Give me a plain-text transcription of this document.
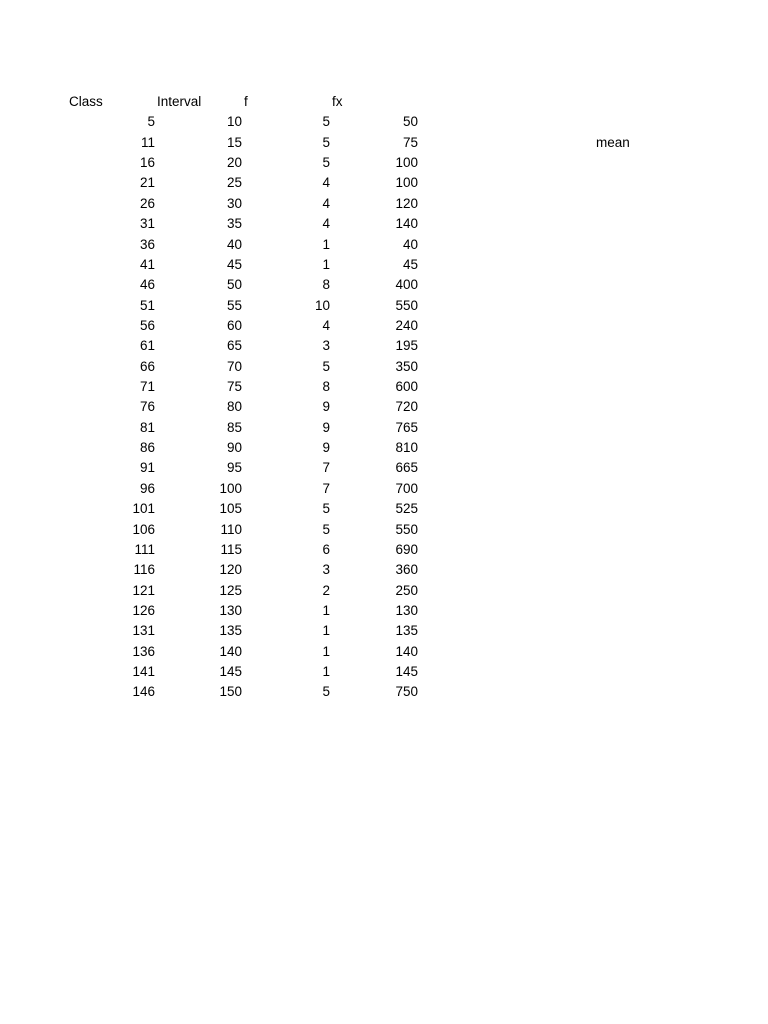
Class	Interval	f	fx
5	10	5	50
11	15	5	75	mean
16	20	5	100
21	25	4	100
26	30	4	120
31	35	4	140
36	40	1	40
41	45	1	45
46	50	8	400
51	55	10	550
56	60	4	240
61	65	3	195
66	70	5	350
71	75	8	600
76	80	9	720
81	85	9	765
86	90	9	810
91	95	7	665
96	100	7	700
101	105	5	525
106	110	5	550
111	115	6	690
116	120	3	360
121	125	2	250
126	130	1	130
131	135	1	135
136	140	1	140
141	145	1	145
146	150	5	750
